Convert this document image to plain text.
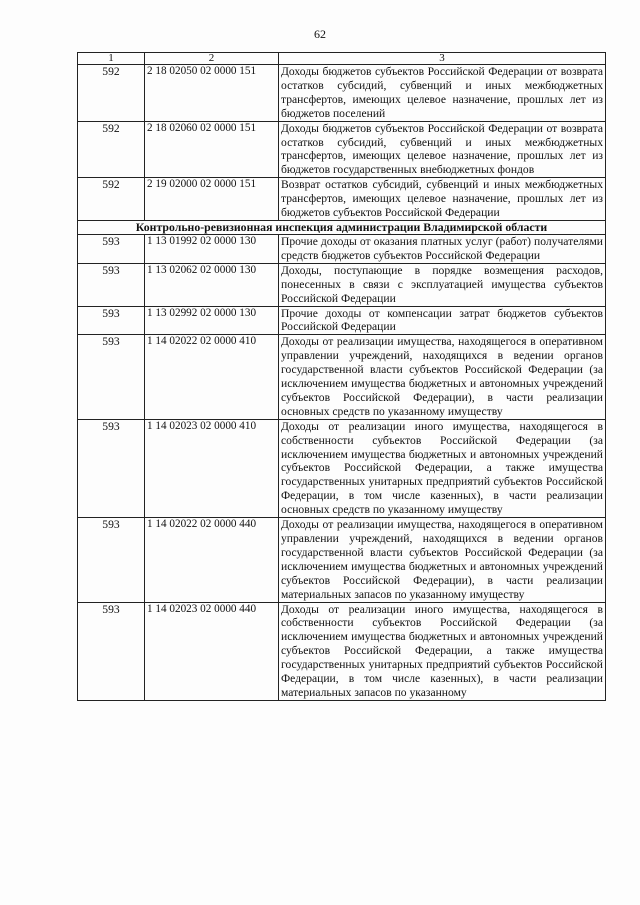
62
1	2	3
592	2 18 02050 02 0000 151	Доходы бюджетов субъектов Российской Федерации от возврата остатков субсидий, субвенций и иных межбюджетных трансфертов, имеющих целевое назначение, прошлых лет из бюджетов поселений
592	2 18 02060 02 0000 151	Доходы бюджетов субъектов Российской Федерации от возврата остатков субсидий, субвенций и иных межбюджетных трансфертов, имеющих целевое назначение, прошлых лет из бюджетов государственных внебюджетных фондов
592	2 19 02000 02 0000 151	Возврат остатков субсидий, субвенций и иных межбюджетных трансфертов, имеющих целевое назначение, прошлых лет из бюджетов субъектов Российской Федерации
Контрольно-ревизионная инспекция администрации Владимирской области		
593	1 13 01992 02 0000 130	Прочие доходы от оказания платных услуг (работ) получателями средств бюджетов субъектов Российской Федерации
593	1 13 02062 02 0000 130	Доходы, поступающие в порядке возмещения расходов, понесенных в связи с эксплуатацией имущества субъектов Российской Федерации
593	1 13 02992 02 0000 130	Прочие доходы от компенсации затрат бюджетов субъектов Российской Федерации
593	1 14 02022 02 0000 410	Доходы от реализации имущества, находящегося в оперативном управлении учреждений, находящихся в ведении органов государственной власти субъектов Российской Федерации (за исключением имущества бюджетных и автономных учреждений субъектов Российской Федерации), в части реализации основных средств по указанному имуществу
593	1 14 02023 02 0000 410	Доходы от реализации иного имущества, находящегося в собственности субъектов Российской Федерации (за исключением имущества бюджетных и автономных учреждений субъектов Российской Федерации, а также имущества государственных унитарных предприятий субъектов Российской Федерации, в том числе казенных), в части реализации основных средств по указанному имуществу
593	1 14 02022 02 0000 440	Доходы от реализации имущества, находящегося в оперативном управлении учреждений, находящихся в ведении органов государственной власти субъектов Российской Федерации (за исключением имущества бюджетных и автономных учреждений субъектов Российской Федерации), в части реализации материальных запасов по указанному имуществу
593	1 14 02023 02 0000 440	Доходы от реализации иного имущества, находящегося в собственности субъектов Российской Федерации (за исключением имущества бюджетных и автономных учреждений субъектов Российской Федерации, а также имущества государственных унитарных предприятий субъектов Российской Федерации, в том числе казенных), в части реализации материальных запасов по указанному
